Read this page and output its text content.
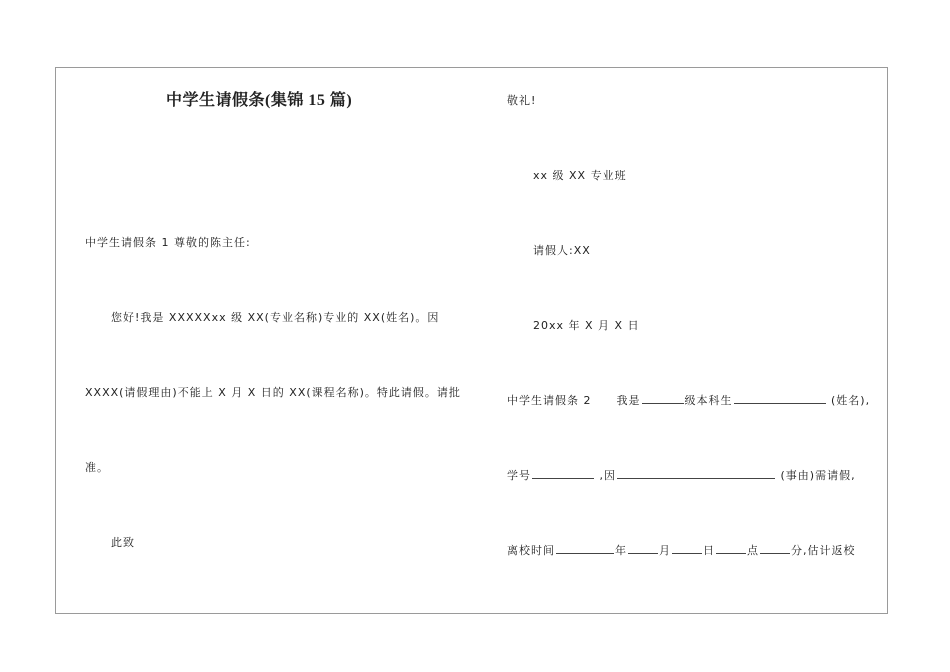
中学生请假条(集锦 15 篇)
中学生请假条 1 尊敬的陈主任:
您好!我是 XXXXXxx 级 XX(专业名称)专业的 XX(姓名)。因
XXXX(请假理由)不能上 X 月 X 日的 XX(课程名称)。特此请假。请批
准。
此致
敬礼!
xx 级 XX 专业班
请假人:XX
20xx 年 X 月 X 日
中学生请假条 2 我是	级本科生	(姓名),
学号	,因	(事由)需请假,
离校时间	年	月	日	点	分,估计返校
